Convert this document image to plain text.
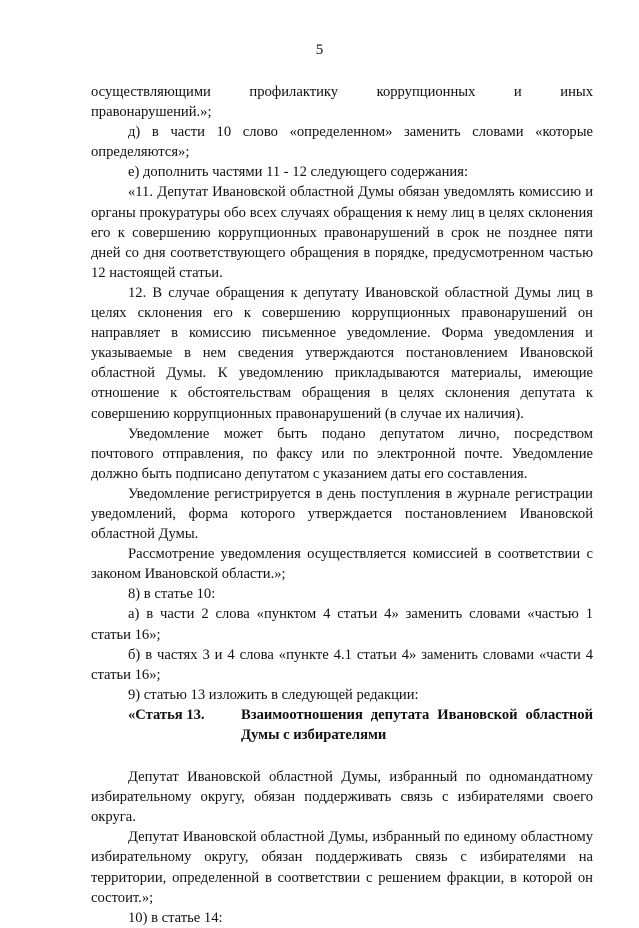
5

осуществляющими профилактику коррупционных и иных

правонарушений.»;

д) в части 10 слово «определенном» заменить словами «которые определяются»;

е) дополнить частями 11 - 12 следующего содержания:

«11. Депутат Ивановской областной Думы обязан уведомлять комиссию и органы прокуратуры обо всех случаях обращения к нему лиц в целях склонения его к совершению коррупционных правонарушений в срок не позднее пяти дней со дня соответствующего обращения в порядке, предусмотренном частью 12 настоящей статьи.

12. В случае обращения к депутату Ивановской областной Думы лиц в целях склонения его к совершению коррупционных правонарушений он направляет в комиссию письменное уведомление. Форма уведомления и указываемые в нем сведения утверждаются постановлением Ивановской областной Думы. К уведомлению прикладываются материалы, имеющие отношение к обстоятельствам обращения в целях склонения депутата к совершению коррупционных правонарушений (в случае их наличия).

Уведомление может быть подано депутатом лично, посредством почтового отправления, по факсу или по электронной почте. Уведомление должно быть подписано депутатом с указанием даты его составления.

Уведомление регистрируется в день поступления в журнале регистрации уведомлений, форма которого утверждается постановлением Ивановской областной Думы.

Рассмотрение уведомления осуществляется комиссией в соответствии с законом Ивановской области.»;

8) в статье 10:

а) в части 2 слова «пунктом 4 статьи 4» заменить словами «частью 1 статьи 16»;

б) в частях 3 и 4 слова «пункте 4.1 статьи 4» заменить словами «части 4 статьи 16»;

9) статью 13 изложить в следующей редакции:

«Статья 13.	Взаимоотношения депутата Ивановской областной Думы с избирателями

Депутат Ивановской областной Думы, избранный по одномандатному избирательному округу, обязан поддерживать связь с избирателями своего округа.

Депутат Ивановской областной Думы, избранный по единому областному избирательному округу, обязан поддерживать связь с избирателями на территории, определенной в соответствии с решением фракции, в которой он состоит.»;

10) в статье 14:
